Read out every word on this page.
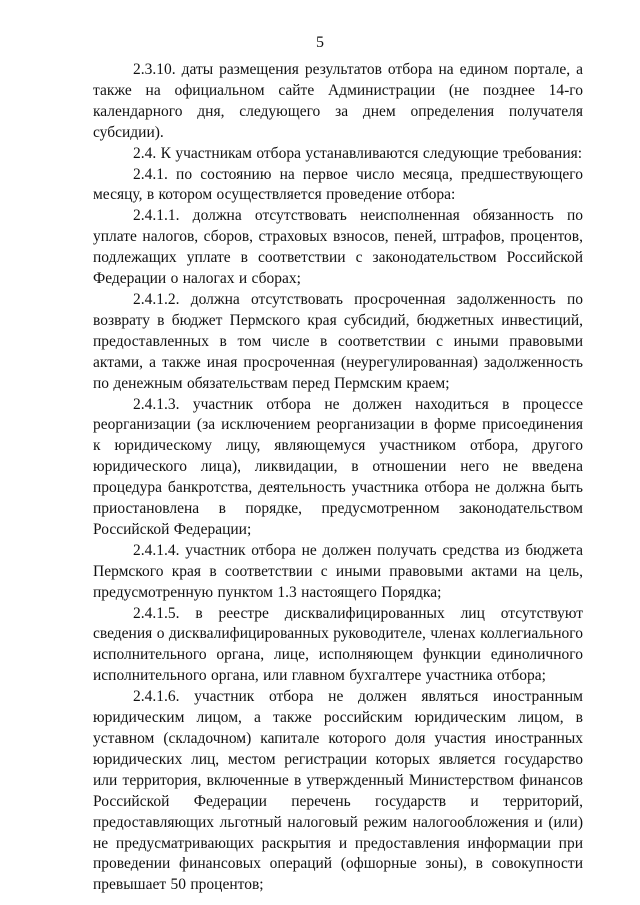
5

2.3.10. даты размещения результатов отбора на едином портале, а также на официальном сайте Администрации (не позднее 14-го календарного дня, следующего за днем определения получателя субсидии).

2.4. К участникам отбора устанавливаются следующие требования:

2.4.1. по состоянию на первое число месяца, предшествующего месяцу, в котором осуществляется проведение отбора:

2.4.1.1. должна отсутствовать неисполненная обязанность по уплате налогов, сборов, страховых взносов, пеней, штрафов, процентов, подлежащих уплате в соответствии с законодательством Российской Федерации о налогах и сборах;

2.4.1.2. должна отсутствовать просроченная задолженность по возврату в бюджет Пермского края субсидий, бюджетных инвестиций, предоставленных в том числе в соответствии с иными правовыми актами, а также иная просроченная (неурегулированная) задолженность по денежным обязательствам перед Пермским краем;

2.4.1.3. участник отбора не должен находиться в процессе реорганизации (за исключением реорганизации в форме присоединения к юридическому лицу, являющемуся участником отбора, другого юридического лица), ликвидации, в отношении него не введена процедура банкротства, деятельность участника отбора не должна быть приостановлена в порядке, предусмотренном законодательством Российской Федерации;

2.4.1.4. участник отбора не должен получать средства из бюджета Пермского края в соответствии с иными правовыми актами на цель, предусмотренную пунктом 1.3 настоящего Порядка;

2.4.1.5. в реестре дисквалифицированных лиц отсутствуют сведения о дисквалифицированных руководителе, членах коллегиального исполнительного органа, лице, исполняющем функции единоличного исполнительного органа, или главном бухгалтере участника отбора;

2.4.1.6. участник отбора не должен являться иностранным юридическим лицом, а также российским юридическим лицом, в уставном (складочном) капитале которого доля участия иностранных юридических лиц, местом регистрации которых является государство или территория, включенные в утвержденный Министерством финансов Российской Федерации перечень государств и территорий, предоставляющих льготный налоговый режим налогообложения и (или) не предусматривающих раскрытия и предоставления информации при проведении финансовых операций (офшорные зоны), в совокупности превышает 50 процентов;
